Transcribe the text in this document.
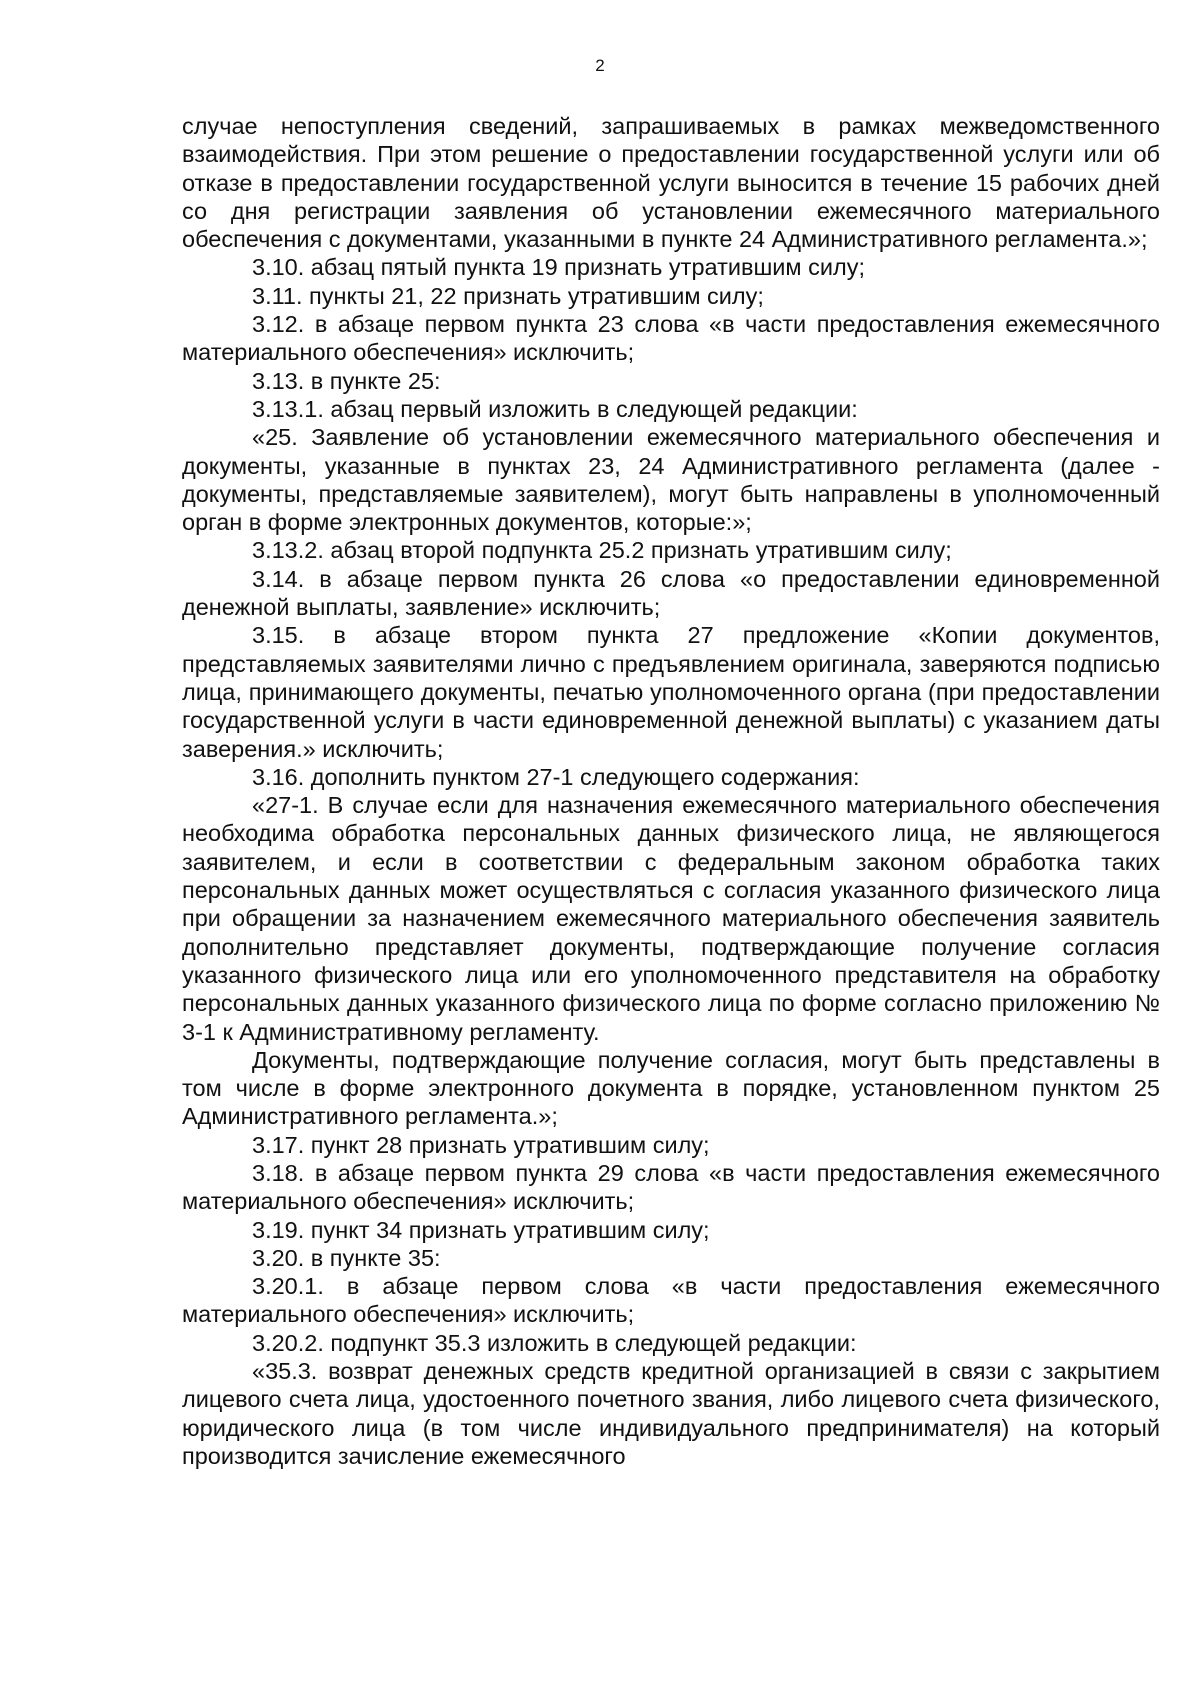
2

случае непоступления сведений, запрашиваемых в рамках межведомственного взаимодействия. При этом решение о предоставлении государственной услуги или об отказе в предоставлении государственной услуги выносится в течение 15 рабочих дней со дня регистрации заявления об установлении ежемесячного материального обеспечения с документами, указанными в пункте 24 Административного регламента.»;

3.10. абзац пятый пункта 19 признать утратившим силу;

3.11. пункты 21, 22 признать утратившим силу;

3.12. в абзаце первом пункта 23 слова «в части предоставления ежемесячного материального обеспечения» исключить;

3.13. в пункте 25:

3.13.1. абзац первый изложить в следующей редакции:

«25. Заявление об установлении ежемесячного материального обеспечения и документы, указанные в пунктах 23, 24 Административного регламента (далее - документы, представляемые заявителем), могут быть направлены в уполномоченный орган в форме электронных документов, которые:»;

3.13.2. абзац второй подпункта 25.2 признать утратившим силу;

3.14. в абзаце первом пункта 26 слова «о предоставлении единовременной денежной выплаты, заявление» исключить;

3.15. в абзаце втором пункта 27 предложение «Копии документов, представляемых заявителями лично с предъявлением оригинала, заверяются подписью лица, принимающего документы, печатью уполномоченного органа (при предоставлении государственной услуги в части единовременной денежной выплаты) с указанием даты заверения.» исключить;

3.16. дополнить пунктом 27-1 следующего содержания:

«27-1. В случае если для назначения ежемесячного материального обеспечения необходима обработка персональных данных физического лица, не являющегося заявителем, и если в соответствии с федеральным законом обработка таких персональных данных может осуществляться с согласия указанного физического лица при обращении за назначением ежемесячного материального обеспечения заявитель дополнительно представляет документы, подтверждающие получение согласия указанного физического лица или его уполномоченного представителя на обработку персональных данных указанного физического лица по форме согласно приложению № 3-1 к Административному регламенту.

Документы, подтверждающие получение согласия, могут быть представлены в том числе в форме электронного документа в порядке, установленном пунктом 25 Административного регламента.»;

3.17. пункт 28 признать утратившим силу;

3.18. в абзаце первом пункта 29 слова «в части предоставления ежемесячного материального обеспечения» исключить;

3.19. пункт 34 признать утратившим силу;

3.20. в пункте 35:

3.20.1. в абзаце первом слова «в части предоставления ежемесячного материального обеспечения» исключить;

3.20.2. подпункт 35.3 изложить в следующей редакции:

«35.3. возврат денежных средств кредитной организацией в связи с закрытием лицевого счета лица, удостоенного почетного звания, либо лицевого счета физического, юридического лица (в том числе индивидуального предпринимателя) на который производится зачисление ежемесячного
